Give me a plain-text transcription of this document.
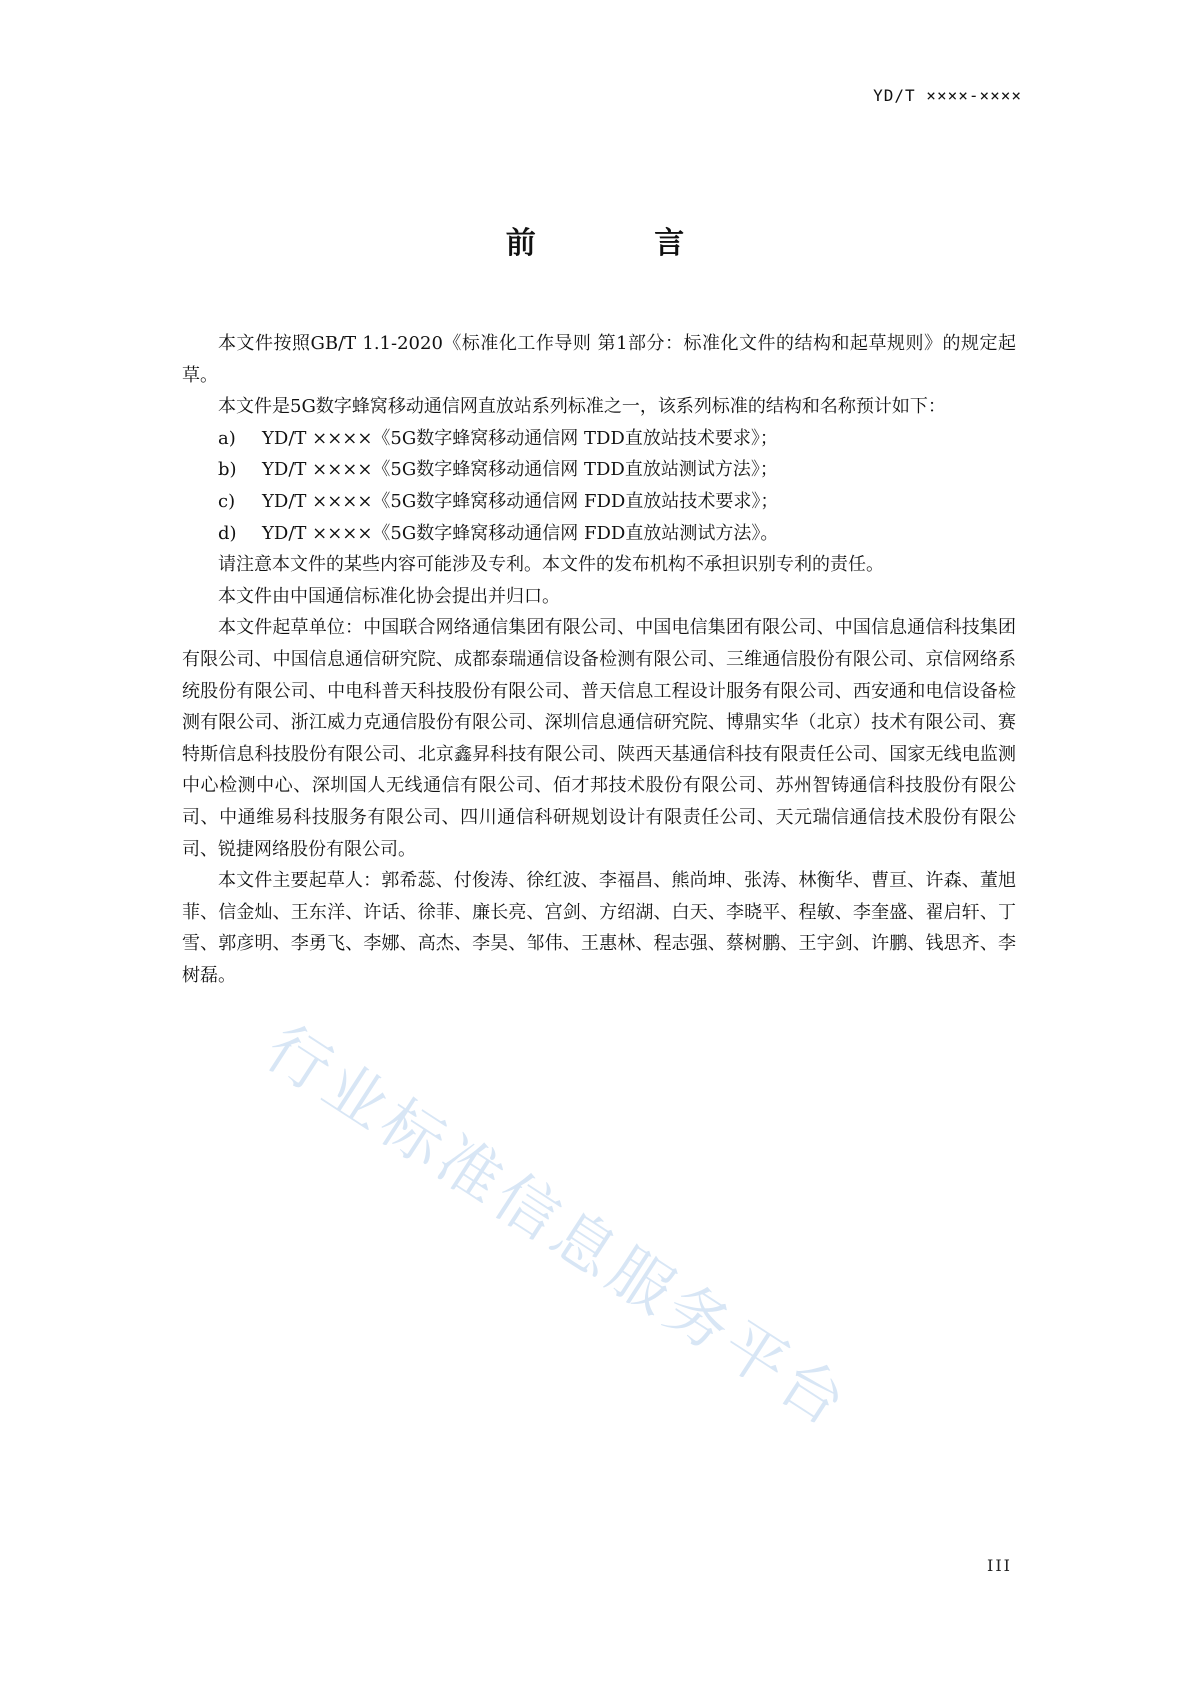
YD/T ××××-××××
前 言

本文件按照GB/T 1.1-2020《标准化工作导则 第1部分：标准化文件的结构和起草规则》的规定起草。

本文件是5G数字蜂窝移动通信网直放站系列标准之一，该系列标准的结构和名称预计如下：

a) YD/T ××××《5G数字蜂窝移动通信网 TDD直放站技术要求》；

b) YD/T ××××《5G数字蜂窝移动通信网 TDD直放站测试方法》；

c) YD/T ××××《5G数字蜂窝移动通信网 FDD直放站技术要求》；

d) YD/T ××××《5G数字蜂窝移动通信网 FDD直放站测试方法》。

请注意本文件的某些内容可能涉及专利。本文件的发布机构不承担识别专利的责任。

本文件由中国通信标准化协会提出并归口。

本文件起草单位：中国联合网络通信集团有限公司、中国电信集团有限公司、中国信息通信科技集团有限公司、中国信息通信研究院、成都泰瑞通信设备检测有限公司、三维通信股份有限公司、京信网络系统股份有限公司、中电科普天科技股份有限公司、普天信息工程设计服务有限公司、西安通和电信设备检测有限公司、浙江威力克通信股份有限公司、深圳信息通信研究院、博鼎实华（北京）技术有限公司、赛特斯信息科技股份有限公司、北京鑫昇科技有限公司、陕西天基通信科技有限责任公司、国家无线电监测中心检测中心、深圳国人无线通信有限公司、佰才邦技术股份有限公司、苏州智铸通信科技股份有限公司、中通维易科技服务有限公司、四川通信科研规划设计有限责任公司、天元瑞信通信技术股份有限公司、锐捷网络股份有限公司。

本文件主要起草人：郭希蕊、付俊涛、徐红波、李福昌、熊尚坤、张涛、林衡华、曹亘、许森、董旭菲、信金灿、王东洋、许话、徐菲、廉长亮、宫剑、方绍湖、白天、李晓平、程敏、李奎盛、翟启轩、丁雪、郭彦明、李勇飞、李娜、高杰、李昊、邹伟、王惠林、程志强、蔡树鹏、王宇剑、许鹏、钱思齐、李树磊。

行业标准信息服务平台
III
